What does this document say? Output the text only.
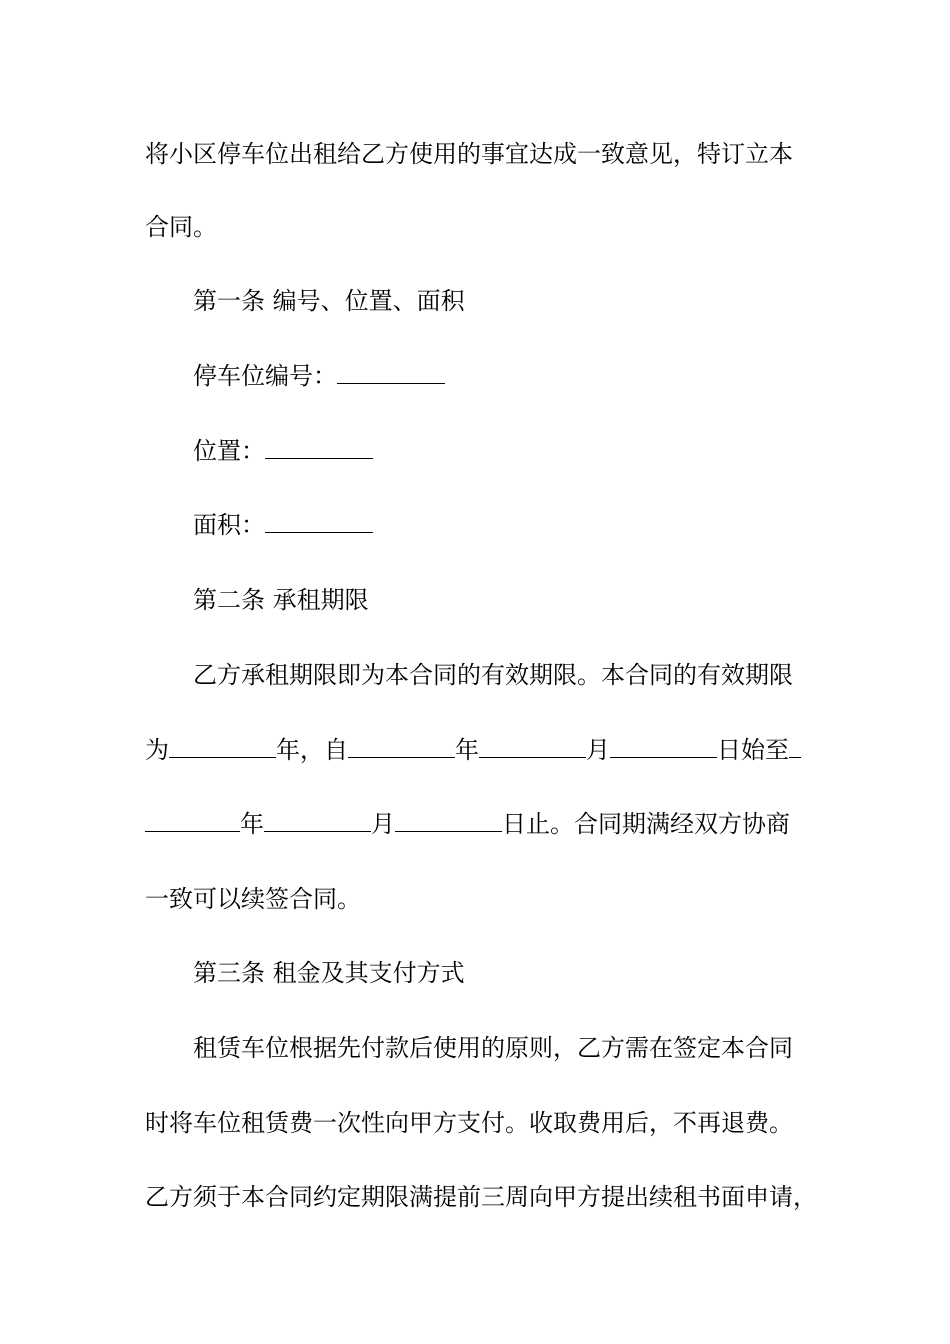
将小区停车位出租给乙方使用的事宜达成一致意见，特订立本
合同。
第一条 编号、位置、面积
停车位编号：
位置：
面积：
第二条 承租期限
乙方承租期限即为本合同的有效期限。本合同的有效期限
为	年，自	年	月	日始至
年	月	日止。合同期满经双方协商
一致可以续签合同。
第三条 租金及其支付方式
租赁车位根据先付款后使用的原则，乙方需在签定本合同
时将车位租赁费一次性向甲方支付。收取费用后，不再退费。
乙方须于本合同约定期限满提前三周向甲方提出续租书面申请，
